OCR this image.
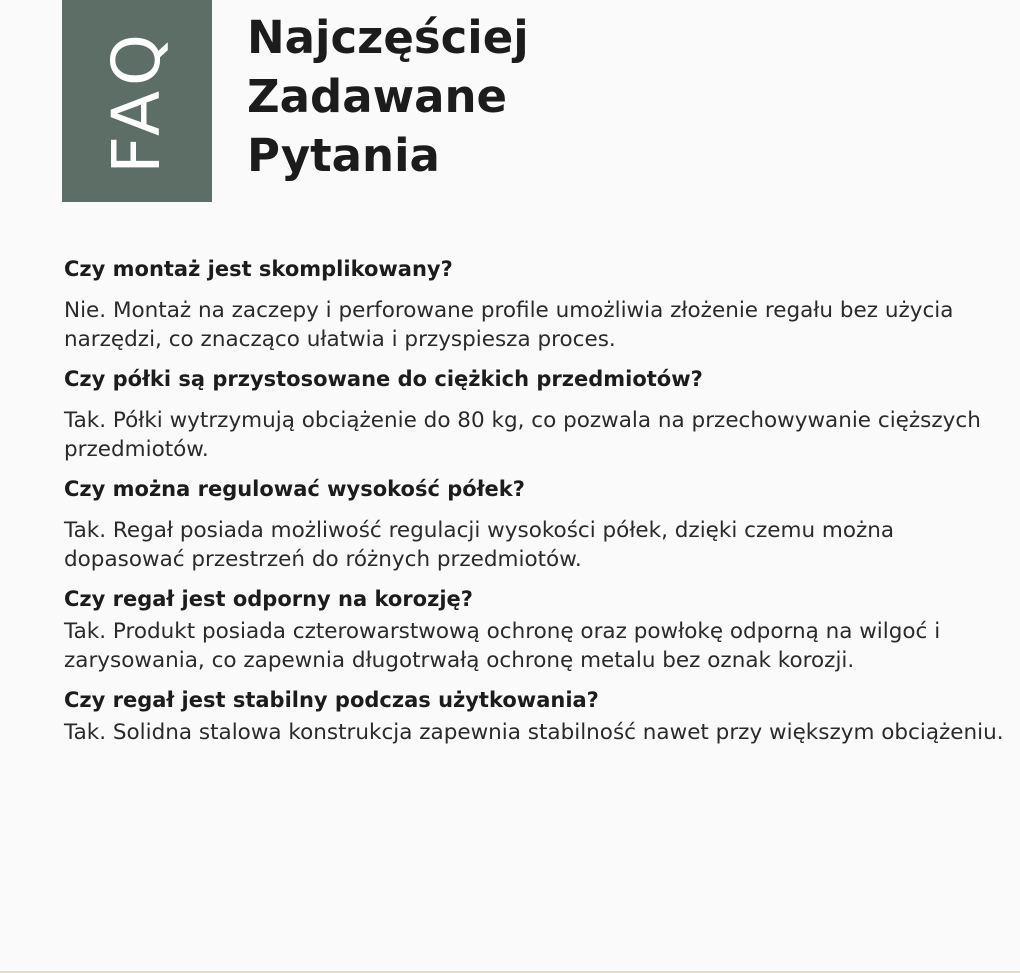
FAQ Najczęściej
Zadawane
Pytania

Czy montaż jest skomplikowany?

Nie. Montaż na zaczepy i perforowane profile umożliwia złożenie regału bez użycia narzędzi, co znacząco ułatwia i przyspiesza proces.

Czy półki są przystosowane do ciężkich przedmiotów?

Tak. Półki wytrzymują obciążenie do 80 kg, co pozwala na przechowywanie cięższych przedmiotów.

Czy można regulować wysokość półek?

Tak. Regał posiada możliwość regulacji wysokości półek, dzięki czemu można dopasować przestrzeń do różnych przedmiotów.

Czy regał jest odporny na korozję?

Tak. Produkt posiada czterowarstwową ochronę oraz powłokę odporną na wilgoć i zarysowania, co zapewnia długotrwałą ochronę metalu bez oznak korozji.

Czy regał jest stabilny podczas użytkowania?

Tak. Solidna stalowa konstrukcja zapewnia stabilność nawet przy większym obciążeniu.
